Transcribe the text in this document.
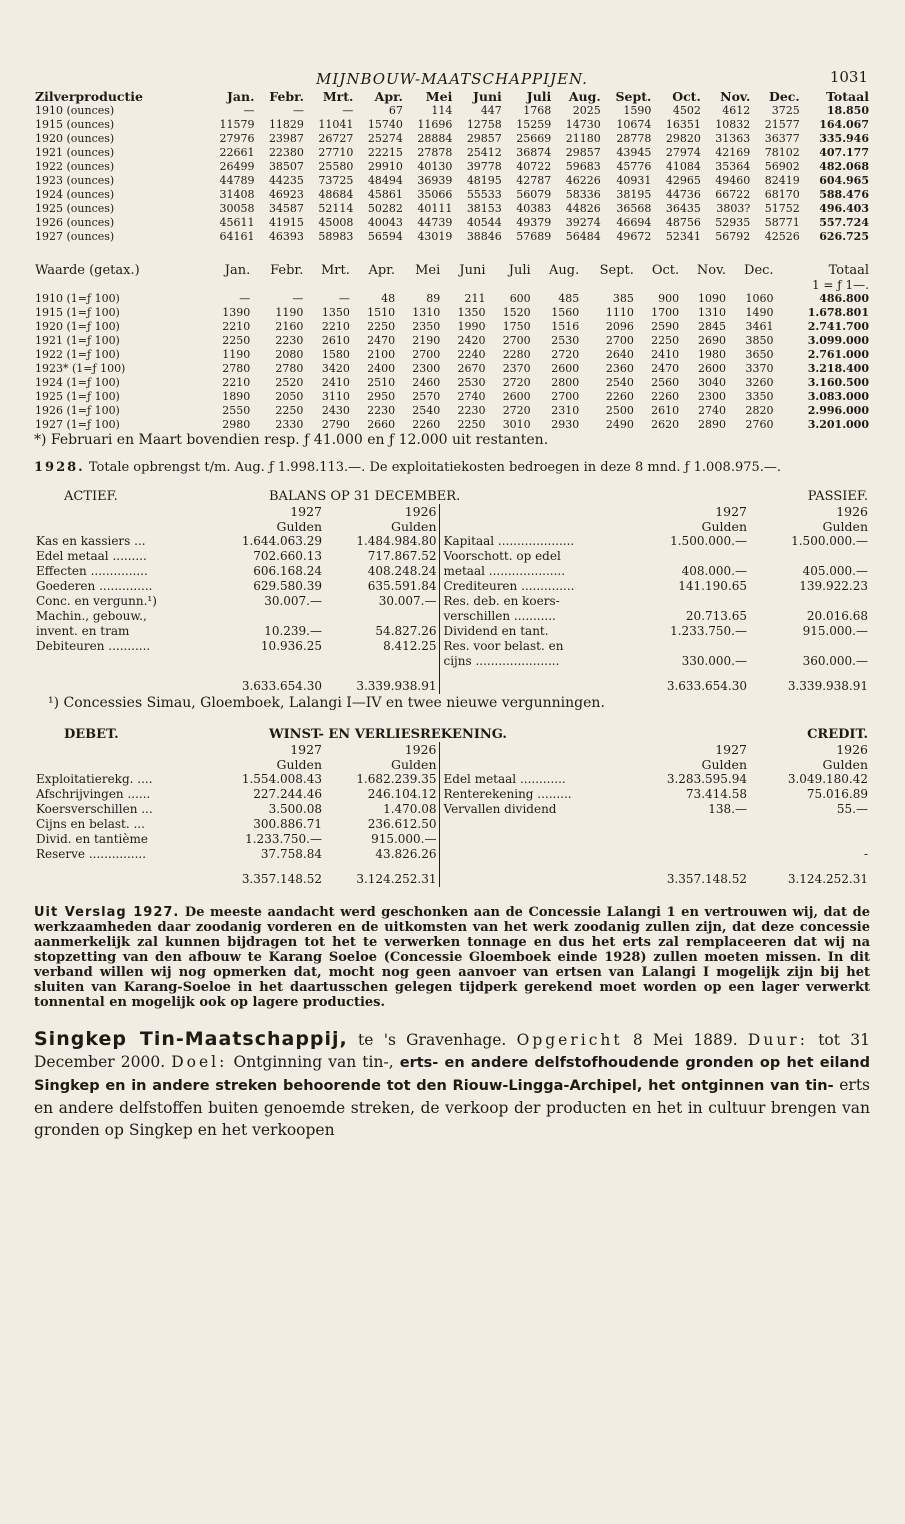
MIJNBOUW-MAATSCHAPPIJEN.	1031
Zilverproductie	Jan.	Febr.	Mrt.	Apr.	Mei	Juni	Juli	Aug.	Sept.	Oct.	Nov.	Dec.	Totaal
1910 (ounces)	—	—	—	67	114	447	1768	2025	1590	4502	4612	3725	18.850
1915 (ounces)	11579	11829	11041	15740	11696	12758	15259	14730	10674	16351	10832	21577	164.067
1920 (ounces)	27976	23987	26727	25274	28884	29857	25669	21180	28778	29820	31363	36377	335.946
1921 (ounces)	22661	22380	27710	22215	27878	25412	36874	29857	43945	27974	42169	78102	407.177
1922 (ounces)	26499	38507	25580	29910	40130	39778	40722	59683	45776	41084	35364	56902	482.068
1923 (ounces)	44789	44235	73725	48494	36939	48195	42787	46226	40931	42965	49460	82419	604.965
1924 (ounces)	31408	46923	48684	45861	35066	55533	56079	58336	38195	44736	66722	68170	588.476
1925 (ounces)	30058	34587	52114	50282	40111	38153	40383	44826	36568	36435	3803?	51752	496.403
1926 (ounces)	45611	41915	45008	40043	44739	40544	49379	39274	46694	48756	52935	58771	557.724
1927 (ounces)	64161	46393	58983	56594	43019	38846	57689	56484	49672	52341	56792	42526	626.725
Waarde (getax.)	Jan.	Febr.	Mrt.	Apr.	Mei	Juni	Juli	Aug.	Sept.	Oct.	Nov.	Dec.	Totaal
													1 = ƒ 1—.
1910 (1=ƒ 100)	—	—	—	48	89	211	600	485	385	900	1090	1060	486.800
1915 (1=ƒ 100)	1390	1190	1350	1510	1310	1350	1520	1560	1110	1700	1310	1490	1.678.801
1920 (1=ƒ 100)	2210	2160	2210	2250	2350	1990	1750	1516	2096	2590	2845	3461	2.741.700
1921 (1=ƒ 100)	2250	2230	2610	2470	2190	2420	2700	2530	2700	2250	2690	3850	3.099.000
1922 (1=ƒ 100)	1190	2080	1580	2100	2700	2240	2280	2720	2640	2410	1980	3650	2.761.000
1923* (1=ƒ 100)	2780	2780	3420	2400	2300	2670	2370	2600	2360	2470	2600	3370	3.218.400
1924 (1=ƒ 100)	2210	2520	2410	2510	2460	2530	2720	2800	2540	2560	3040	3260	3.160.500
1925 (1=ƒ 100)	1890	2050	3110	2950	2570	2740	2600	2700	2260	2260	2300	3350	3.083.000
1926 (1=ƒ 100)	2550	2250	2430	2230	2540	2230	2720	2310	2500	2610	2740	2820	2.996.000
1927 (1=ƒ 100)	2980	2330	2790	2660	2260	2250	3010	2930	2490	2620	2890	2760	3.201.000
*) Februari en Maart bovendien resp. ƒ 41.000 en ƒ 12.000 uit restanten.

1928. Totale opbrengst t/m. Aug. ƒ 1.998.113.—. De exploitatiekosten bedroegen in deze 8 mnd. ƒ 1.008.975.—.

ACTIEF.	BALANS OP 31 DECEMBER.				PASSIEF.
	1927	1926		1927	1926
	Gulden	Gulden		Gulden	Gulden
Kas en kassiers ...	1.644.063.29	1.484.984.80	Kapitaal ....................	1.500.000.—	1.500.000.—
Edel metaal .........	702.660.13	717.867.52	Voorschott. op edel		
Effecten ...............	606.168.24	408.248.24	metaal ....................	408.000.—	405.000.—
Goederen ..............	629.580.39	635.591.84	Crediteuren ..............	141.190.65	139.922.23
Conc. en vergunn.¹)	30.007.—	30.007.—	Res. deb. en koers-		
Machin., gebouw.,			verschillen ...........	20.713.65	20.016.68
invent. en tram	10.239.—	54.827.26	Dividend en tant.	1.233.750.—	915.000.—
Debiteuren ...........	10.936.25	8.412.25	Res. voor belast. en		
			cijns ......................	330.000.—	360.000.—
	3.633.654.30	3.339.938.91		3.633.654.30	3.339.938.91
¹) Concessies Simau, Gloemboek, Lalangi I—IV en twee nieuwe vergunningen.					
DEBET.	WINST- EN VERLIESREKENING.				CREDIT.
	1927	1926		1927	1926
	Gulden	Gulden		Gulden	Gulden
Exploitatierekg. ....	1.554.008.43	1.682.239.35	Edel metaal ............	3.283.595.94	3.049.180.42
Afschrijvingen ......	227.244.46	246.104.12	Renterekening .........	73.414.58	75.016.89
Koersverschillen ...	3.500.08	1.470.08	Vervallen dividend	138.—	55.—
Cijns en belast. ...	300.886.71	236.612.50			
Divid. en tantième	1.233.750.—	915.000.—			
Reserve ...............	37.758.84	43.826.26			-
	3.357.148.52	3.124.252.31		3.357.148.52	3.124.252.31

Uit Verslag 1927. De meeste aandacht werd geschonken aan de Concessie Lalangi 1 en vertrouwen wij, dat de werkzaamheden daar zoodanig vorderen en de uitkomsten van het werk zoodanig zullen zijn, dat deze concessie aanmerkelijk zal kunnen bijdragen tot het te verwerken tonnage en dus het erts zal remplaceeren dat wij na stopzetting van den afbouw te Karang Soeloe (Concessie Gloemboek einde 1928) zullen moeten missen. In dit verband willen wij nog opmerken dat, mocht nog geen aanvoer van ertsen van Lalangi I mogelijk zijn bij het sluiten van Karang-Soeloe in het daartusschen gelegen tijdperk gerekend moet worden op een lager verwerkt tonnental en mogelijk ook op lagere producties.

Singkep Tin-Maatschappij, te 's Gravenhage. Opgericht 8 Mei 1889. Duur: tot 31 December 2000. Doel: Ontginning van tin-, erts- en andere delfstofhoudende gronden op het eiland Singkep en in andere streken behoorende tot den Riouw-Lingga-Archipel, het ontginnen van tin- erts en andere delfstoffen buiten genoemde streken, de verkoop der producten en het in cultuur brengen van gronden op Singkep en het verkoopen
